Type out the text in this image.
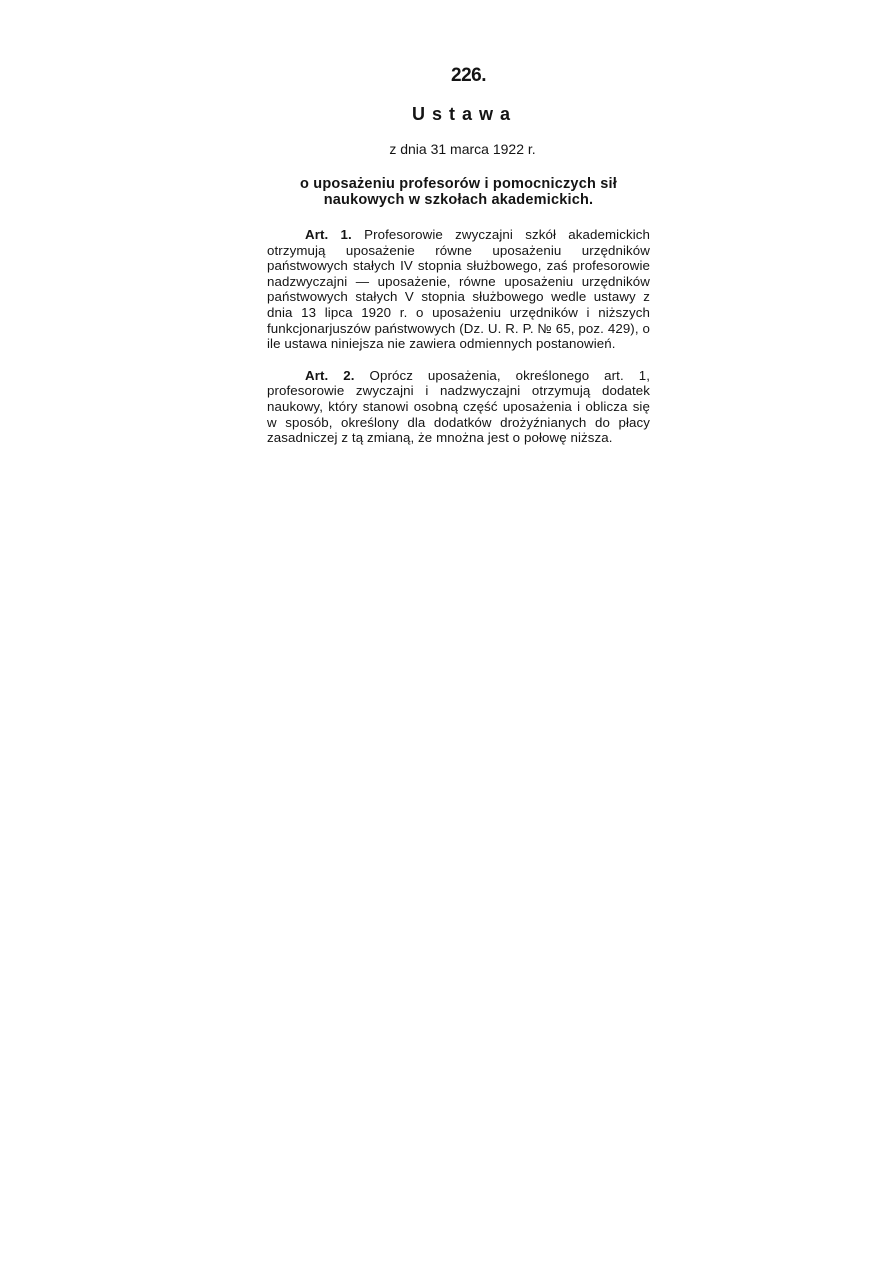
226.

Ustawa

z dnia 31 marca 1922 r.

o uposażeniu profesorów i pomocniczych sił naukowych w szkołach akademickich.

Art. 1. Profesorowie zwyczajni szkół akademickich otrzymują uposażenie równe uposażeniu urzędników państwowych stałych IV stopnia służbowego, zaś profesorowie nadzwyczajni — uposażenie, równe uposażeniu urzędników państwowych stałych V stopnia służbowego wedle ustawy z dnia 13 lipca 1920 r. o uposażeniu urzędników i niższych funkcjonarjuszów państwowych (Dz. U. R. P. № 65, poz. 429), o ile ustawa niniejsza nie zawiera odmiennych postanowień.

Art. 2. Oprócz uposażenia, określonego art. 1, profesorowie zwyczajni i nadzwyczajni otrzymują dodatek naukowy, który stanowi osobną część uposażenia i oblicza się w sposób, określony dla dodatków drożyźnianych do płacy zasadniczej z tą zmianą, że mnożna jest o połowę niższa.
